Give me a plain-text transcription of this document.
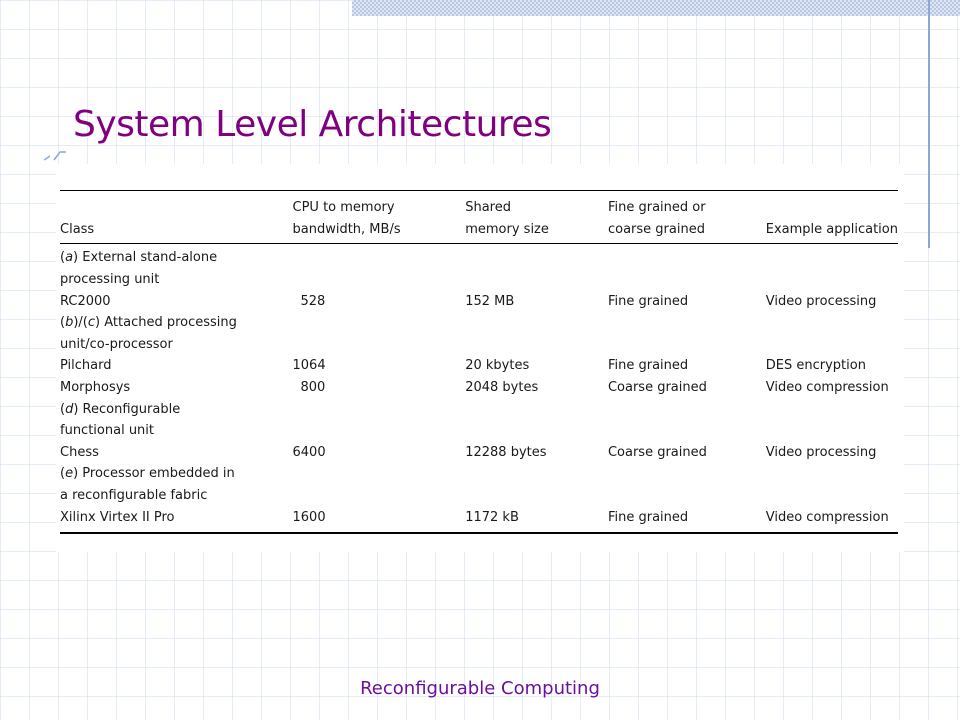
System Level Architectures
	CPU to memory	Shared	Fine grained or	
Class	bandwidth, MB/s	memory size	coarse grained	Example application
(a) External stand-alone				
processing unit				
RC2000	528	152 MB	Fine grained	Video processing
(b)/(c) Attached processing				
unit/co-processor				
Pilchard	1064	20 kbytes	Fine grained	DES encryption
Morphosys	800	2048 bytes	Coarse grained	Video compression
(d) Reconfigurable				
functional unit				
Chess	6400	12288 bytes	Coarse grained	Video processing
(e) Processor embedded in				
a reconfigurable fabric				
Xilinx Virtex II Pro	1600	1172 kB	Fine grained	Video compression
Reconfigurable Computing
